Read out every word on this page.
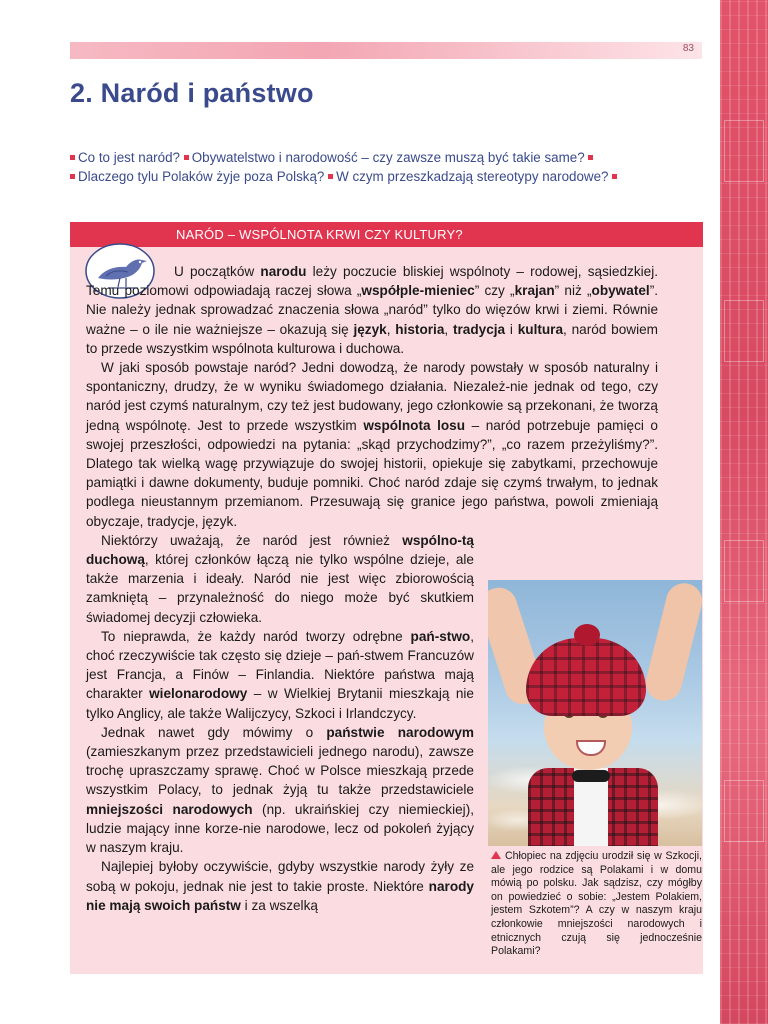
83
2. Naród i państwo
Co to jest naród? Obywatelstwo i narodowość – czy zawsze muszą być takie same?
Dlaczego tylu Polaków żyje poza Polską? W czym przeszkadzają stereotypy narodowe?
NARÓD – WSPÓLNOTA KRWI CZY KULTURY?

U początków narodu leży poczucie bliskiej wspólnoty – rodowej, sąsiedzkiej. Temu poziomowi odpowiadają raczej słowa „współple-mieniec” czy „krajan” niż „obywatel”. Nie należy jednak sprowadzać znaczenia słowa „naród” tylko do więzów krwi i ziemi. Równie ważne – o ile nie ważniejsze – okazują się język, historia, tradycja i kultura, naród bowiem to przede wszystkim wspólnota kulturowa i duchowa.

W jaki sposób powstaje naród? Jedni dowodzą, że narody powstały w sposób naturalny i spontaniczny, drudzy, że w wyniku świadomego działania. Niezależ-nie jednak od tego, czy naród jest czymś naturalnym, czy też jest budowany, jego członkowie są przekonani, że tworzą jedną wspólnotę. Jest to przede wszystkim wspólnota losu – naród potrzebuje pamięci o swojej przeszłości, odpowiedzi na pytania: „skąd przychodzimy?”, „co razem przeżyliśmy?”. Dlatego tak wielką wagę przywiązuje do swojej historii, opiekuje się zabytkami, przechowuje pamiątki i dawne dokumenty, buduje pomniki. Choć naród zdaje się czymś trwałym, to jednak podlega nieustannym przemianom. Przesuwają się granice jego państwa, powoli zmieniają obyczaje, tradycje, język.

Niektórzy uważają, że naród jest również wspólno-tą duchową, której członków łączą nie tylko wspólne dzieje, ale także marzenia i ideały. Naród nie jest więc zbiorowością zamkniętą – przynależność do niego może być skutkiem świadomej decyzji człowieka.

To nieprawda, że każdy naród tworzy odrębne pań-stwo, choć rzeczywiście tak często się dzieje – pań-stwem Francuzów jest Francja, a Finów – Finlandia. Niektóre państwa mają charakter wielonarodowy – w Wielkiej Brytanii mieszkają nie tylko Anglicy, ale także Walijczycy, Szkoci i Irlandczycy.

Jednak nawet gdy mówimy o państwie narodowym (zamieszkanym przez przedstawicieli jednego narodu), zawsze trochę upraszczamy sprawę. Choć w Polsce mieszkają przede wszystkim Polacy, to jednak żyją tu także przedstawiciele mniejszości narodowych (np. ukraińskiej czy niemieckiej), ludzie mający inne korze-nie narodowe, lecz od pokoleń żyjący w naszym kraju.

Najlepiej byłoby oczywiście, gdyby wszystkie narody żyły ze sobą w pokoju, jednak nie jest to takie proste. Niektóre narody nie mają swoich państw i za wszelką

Chłopiec na zdjęciu urodził się w Szkocji, ale jego rodzice są Polakami i w domu mówią po polsku. Jak sądzisz, czy mógłby on powiedzieć o sobie: „Jestem Polakiem, jestem Szkotem”? A czy w naszym kraju członkowie mniejszości narodowych i etnicznych czują się jednocześnie Polakami?
